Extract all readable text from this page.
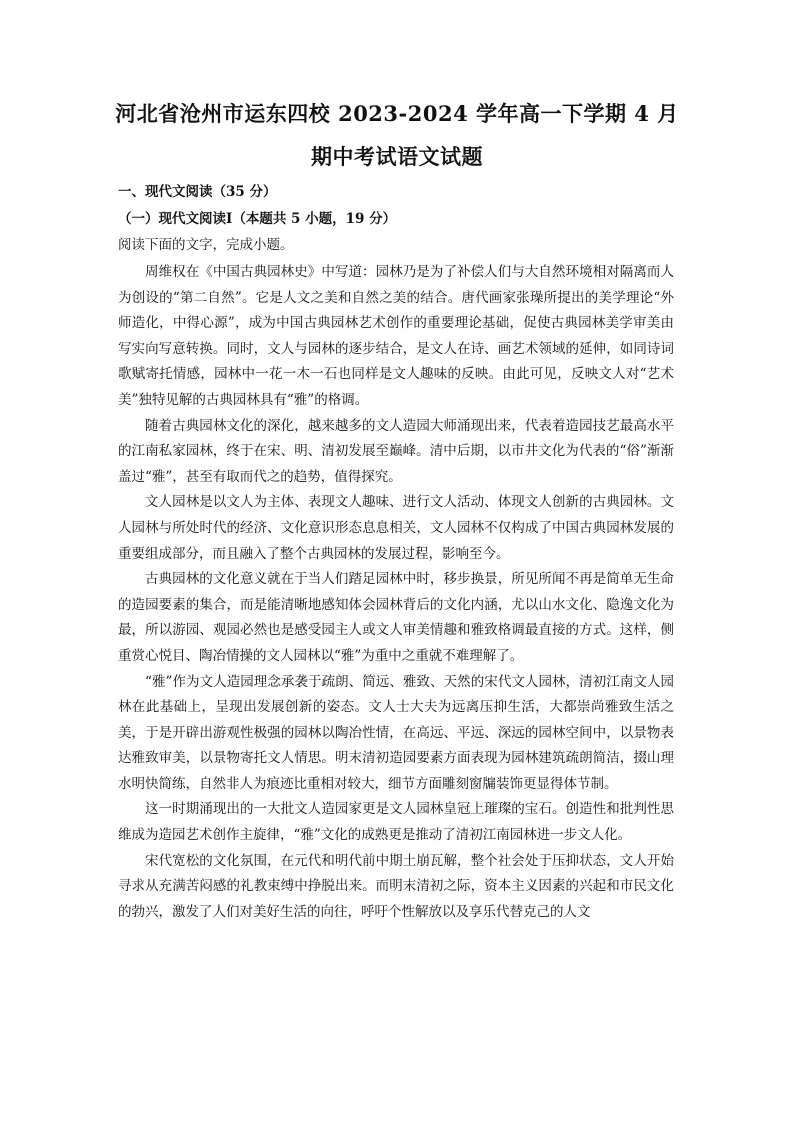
河北省沧州市运东四校 2023-2024 学年高一下学期 4 月
期中考试语文试题
一、现代文阅读（35 分）
（一）现代文阅读Ⅰ（本题共 5 小题，19 分）
阅读下面的文字，完成小题。

周维权在《中国古典园林史》中写道：园林乃是为了补偿人们与大自然环境相对隔离而人为创设的“第二自然”。它是人文之美和自然之美的结合。唐代画家张璪所提出的美学理论“外师造化，中得心源”，成为中国古典园林艺术创作的重要理论基础，促使古典园林美学审美由写实向写意转换。同时，文人与园林的逐步结合，是文人在诗、画艺术领域的延伸，如同诗词歌赋寄托情感，园林中一花一木一石也同样是文人趣味的反映。由此可见，反映文人对“艺术美”独特见解的古典园林具有“雅”的格调。

随着古典园林文化的深化，越来越多的文人造园大师涌现出来，代表着造园技艺最高水平的江南私家园林，终于在宋、明、清初发展至巅峰。清中后期，以市井文化为代表的“俗”渐渐盖过“雅”，甚至有取而代之的趋势，值得探究。

文人园林是以文人为主体、表现文人趣味、进行文人活动、体现文人创新的古典园林。文人园林与所处时代的经济、文化意识形态息息相关，文人园林不仅构成了中国古典园林发展的重要组成部分，而且融入了整个古典园林的发展过程，影响至今。

古典园林的文化意义就在于当人们踏足园林中时，移步换景，所见所闻不再是简单无生命的造园要素的集合，而是能清晰地感知体会园林背后的文化内涵，尤以山水文化、隐逸文化为最，所以游园、观园必然也是感受园主人或文人审美情趣和雅致格调最直接的方式。这样，侧重赏心悦目、陶冶情操的文人园林以“雅”为重中之重就不难理解了。

“雅”作为文人造园理念承袭于疏朗、简远、雅致、天然的宋代文人园林，清初江南文人园林在此基础上，呈现出发展创新的姿态。文人士大夫为远离压抑生活，大都崇尚雅致生活之美，于是开辟出游观性极强的园林以陶冶性情，在高远、平远、深远的园林空间中，以景物表达雅致审美，以景物寄托文人情思。明末清初造园要素方面表现为园林建筑疏朗简洁，掇山理水明快简练，自然非人为痕迹比重相对较大，细节方面雕刻窗牖装饰更显得体节制。

这一时期涌现出的一大批文人造园家更是文人园林皇冠上璀璨的宝石。创造性和批判性思维成为造园艺术创作主旋律，“雅”文化的成熟更是推动了清初江南园林进一步文人化。

宋代宽松的文化氛围，在元代和明代前中期土崩瓦解，整个社会处于压抑状态，文人开始寻求从充满苦闷感的礼教束缚中挣脱出来。而明末清初之际，资本主义因素的兴起和市民文化的勃兴，激发了人们对美好生活的向往，呼吁个性解放以及享乐代替克己的人文
